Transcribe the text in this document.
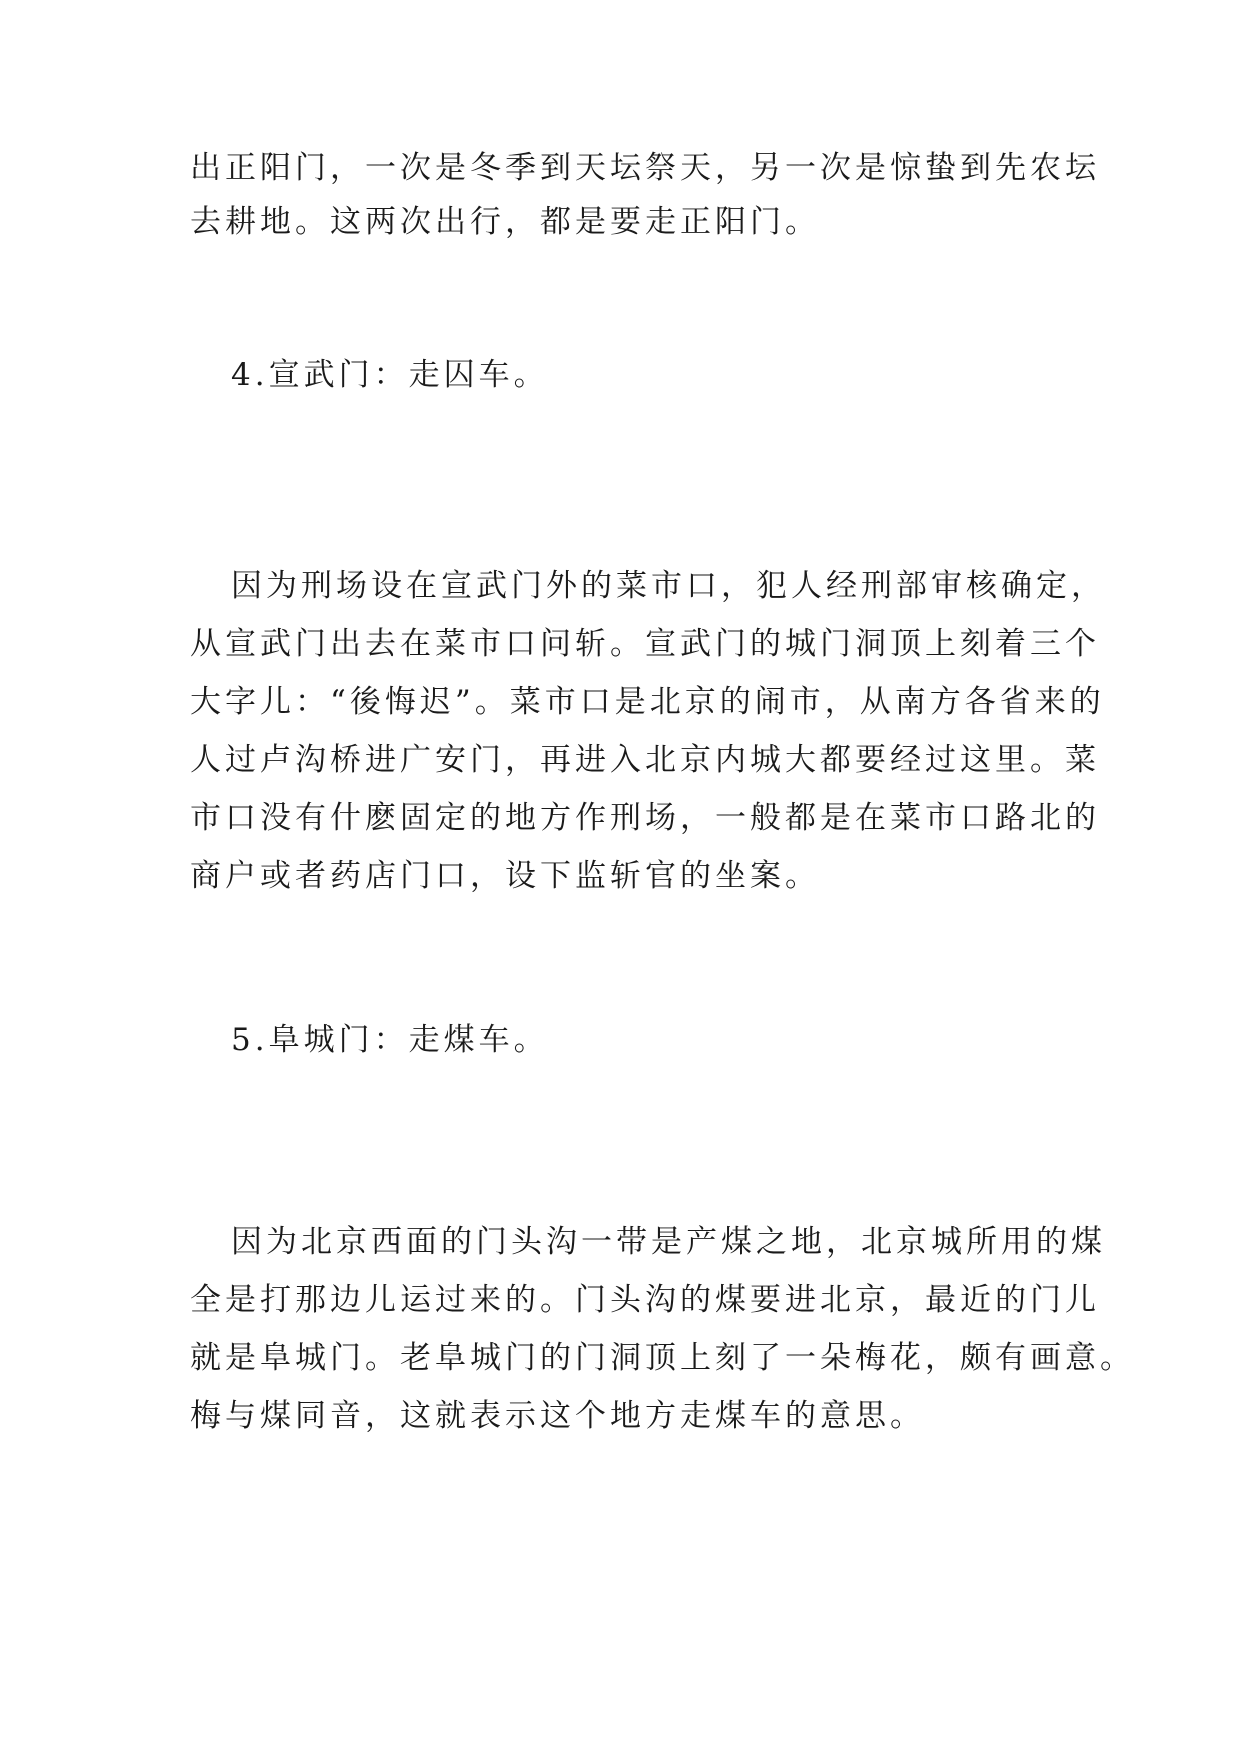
出正阳门，一次是冬季到天坛祭天，另一次是惊蛰到先农坛
去耕地。这两次出行，都是要走正阳门。
4.宣武门：走囚车。
因为刑场设在宣武门外的菜市口，犯人经刑部审核确定，
从宣武门出去在菜市口问斩。宣武门的城门洞顶上刻着三个
大字儿：“後悔迟”。菜市口是北京的闹市，从南方各省来的
人过卢沟桥进广安门，再进入北京内城大都要经过这里。菜
市口没有什麽固定的地方作刑场，一般都是在菜市口路北的
商户或者药店门口，设下监斩官的坐案。
5.阜城门：走煤车。
因为北京西面的门头沟一带是产煤之地，北京城所用的煤
全是打那边儿运过来的。门头沟的煤要进北京，最近的门儿
就是阜城门。老阜城门的门洞顶上刻了一朵梅花，颇有画意。
梅与煤同音，这就表示这个地方走煤车的意思。
